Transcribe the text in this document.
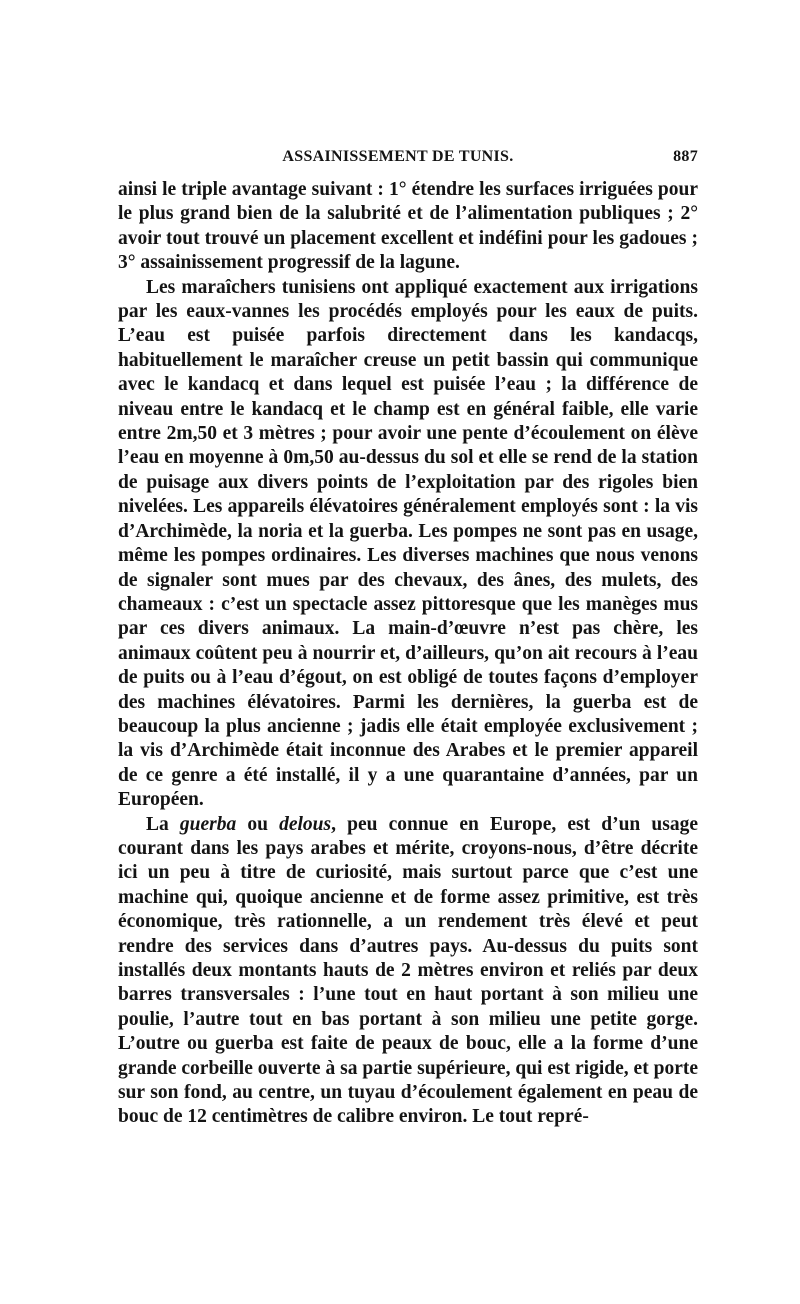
ASSAINISSEMENT DE TUNIS.	887

ainsi le triple avantage suivant : 1° étendre les surfaces irriguées pour le plus grand bien de la salubrité et de l’alimentation publiques ; 2° avoir tout trouvé un placement excellent et indéfini pour les gadoues ; 3° assainissement progressif de la lagune.

Les maraîchers tunisiens ont appliqué exactement aux irrigations par les eaux-vannes les procédés employés pour les eaux de puits. L’eau est puisée parfois directement dans les kandacqs, habituellement le maraîcher creuse un petit bassin qui communique avec le kandacq et dans lequel est puisée l’eau ; la différence de niveau entre le kandacq et le champ est en général faible, elle varie entre 2m,50 et 3 mètres ; pour avoir une pente d’écoulement on élève l’eau en moyenne à 0m,50 au-dessus du sol et elle se rend de la station de puisage aux divers points de l’exploitation par des rigoles bien nivelées. Les appareils élévatoires généralement employés sont : la vis d’Archimède, la noria et la guerba. Les pompes ne sont pas en usage, même les pompes ordinaires. Les diverses machines que nous venons de signaler sont mues par des chevaux, des ânes, des mulets, des chameaux : c’est un spectacle assez pittoresque que les manèges mus par ces divers animaux. La main-d’œuvre n’est pas chère, les animaux coûtent peu à nourrir et, d’ailleurs, qu’on ait recours à l’eau de puits ou à l’eau d’égout, on est obligé de toutes façons d’employer des machines élévatoires. Parmi les dernières, la guerba est de beaucoup la plus ancienne ; jadis elle était employée exclusivement ; la vis d’Archimède était inconnue des Arabes et le premier appareil de ce genre a été installé, il y a une quarantaine d’années, par un Européen.

La guerba ou delous, peu connue en Europe, est d’un usage courant dans les pays arabes et mérite, croyons-nous, d’être décrite ici un peu à titre de curiosité, mais surtout parce que c’est une machine qui, quoique ancienne et de forme assez primitive, est très économique, très rationnelle, a un rendement très élevé et peut rendre des services dans d’autres pays. Au-dessus du puits sont installés deux montants hauts de 2 mètres environ et reliés par deux barres transversales : l’une tout en haut portant à son milieu une poulie, l’autre tout en bas portant à son milieu une petite gorge. L’outre ou guerba est faite de peaux de bouc, elle a la forme d’une grande corbeille ouverte à sa partie supérieure, qui est rigide, et porte sur son fond, au centre, un tuyau d’écoulement également en peau de bouc de 12 centimètres de calibre environ. Le tout repré-
